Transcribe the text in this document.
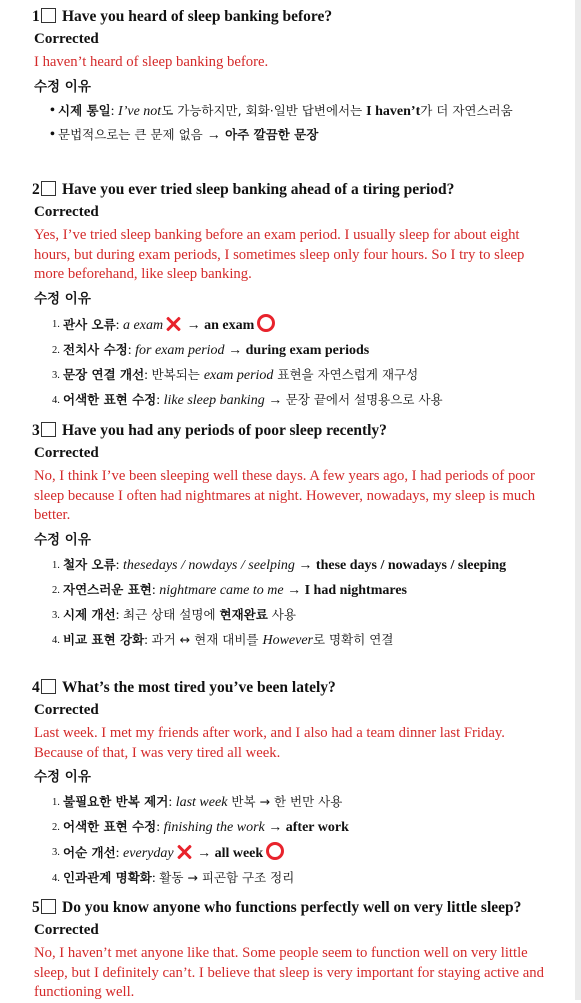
1 Have you heard of sleep banking before?
Corrected
I haven’t heard of sleep banking before.
수정 이유
• 시제 통일: I’ve not도 가능하지만, 회화·일반 답변에서는 I haven’t가 더 자연스러움
• 문법적으로는 큰 문제 없음 → 아주 깔끔한 문장
2 Have you ever tried sleep banking ahead of a tiring period?
Corrected
Yes, I’ve tried sleep banking before an exam period. I usually sleep for about eight hours, but during exam periods, I sometimes sleep only four hours. So I try to sleep more beforehand, like sleep banking.
수정 이유
1. 관사 오류: a exam → an exam
2. 전치사 수정: for exam period → during exam periods
3. 문장 연결 개선: 반복되는 exam period 표현을 자연스럽게 재구성
4. 어색한 표현 수정: like sleep banking → 문장 끝에서 설명용으로 사용
3 Have you had any periods of poor sleep recently?
Corrected
No, I think I’ve been sleeping well these days. A few years ago, I had periods of poor sleep because I often had nightmares at night. However, nowadays, my sleep is much better.
수정 이유
1. 철자 오류: thesedays / nowdays / seelping → these days / nowadays / sleeping
2. 자연스러운 표현: nightmare came to me → I had nightmares
3. 시제 개선: 최근 상태 설명에 현재완료 사용
4. 비교 표현 강화: 과거 ↔ 현재 대비를 However로 명확히 연결
4 What’s the most tired you’ve been lately?
Corrected
Last week. I met my friends after work, and I also had a team dinner last Friday. Because of that, I was very tired all week.
수정 이유
1. 불필요한 반복 제거: last week 반복 → 한 번만 사용
2. 어색한 표현 수정: finishing the work → after work
3. 어순 개선: everyday → all week
4. 인과관계 명확화: 활동 → 피곤함 구조 정리
5 Do you know anyone who functions perfectly well on very little sleep?
Corrected
No, I haven’t met anyone like that. Some people seem to function well on very little sleep, but I definitely can’t. I believe that sleep is very important for staying active and functioning well.
